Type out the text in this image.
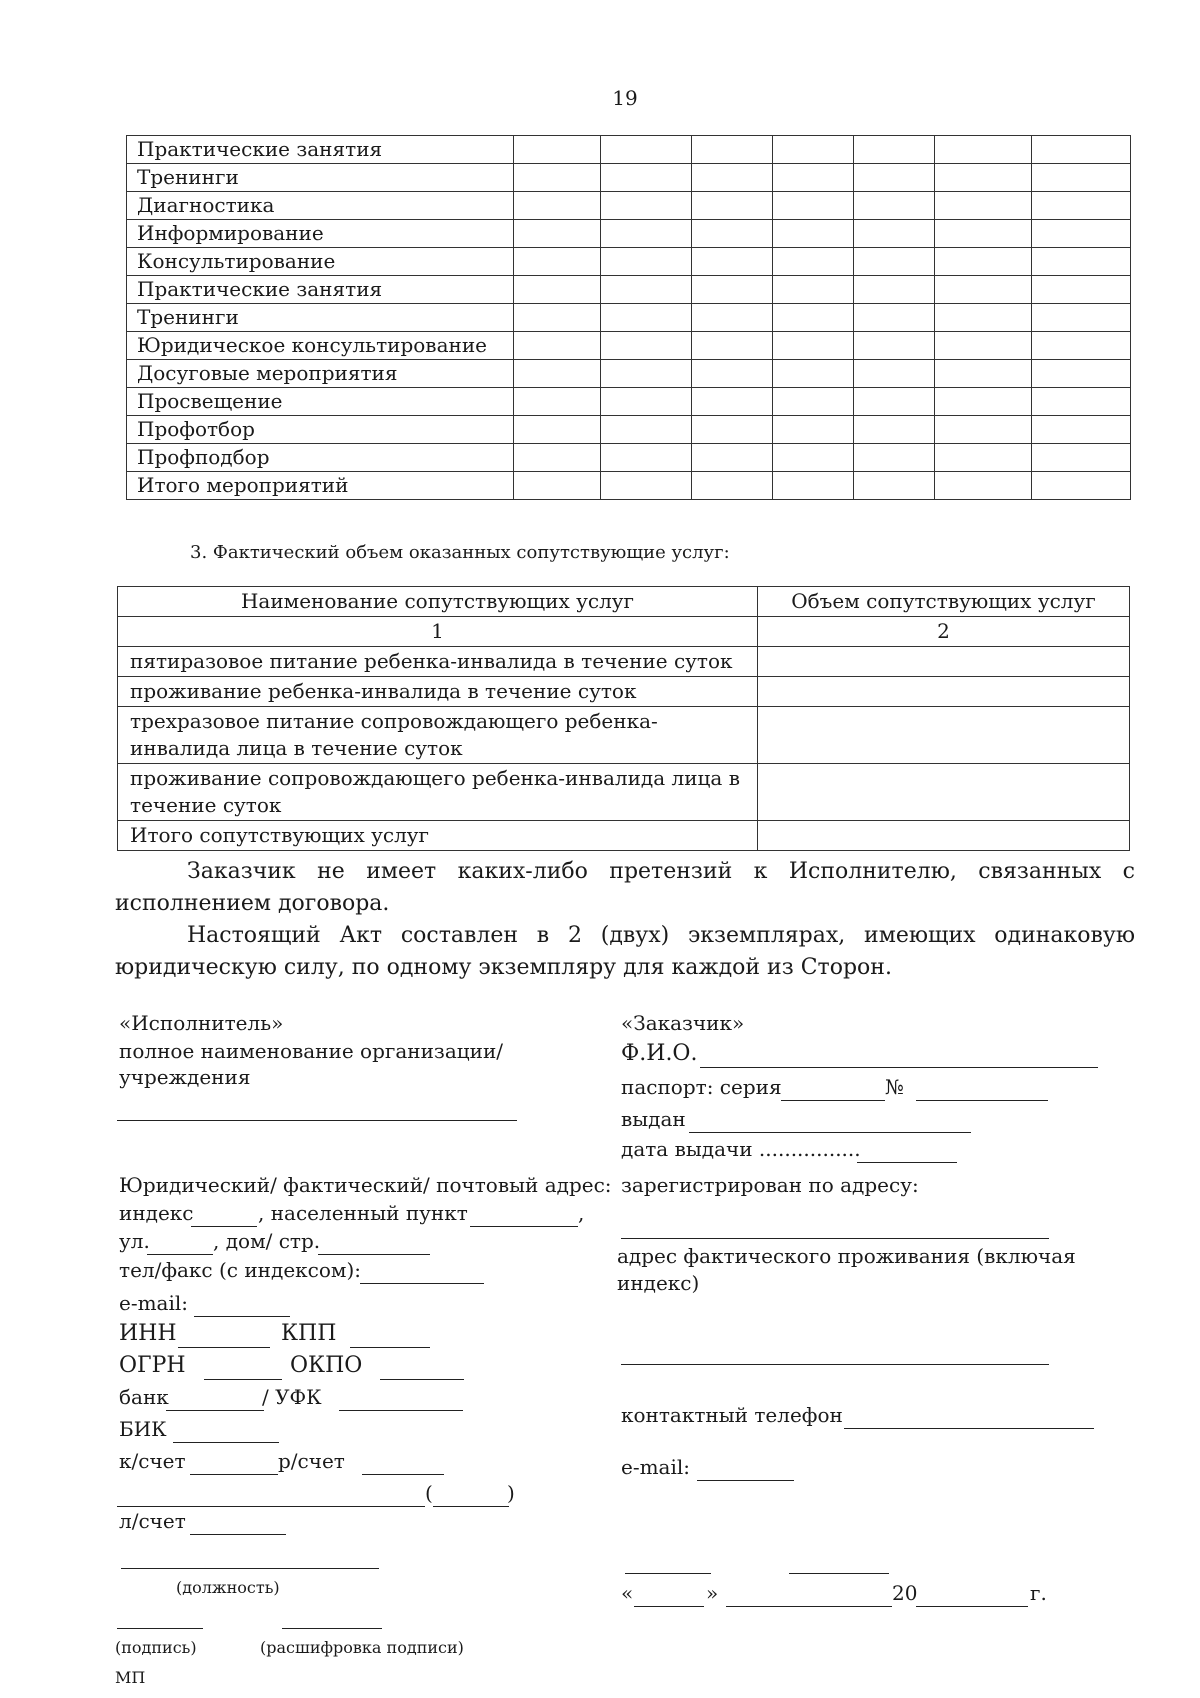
19
Практические занятия							
Тренинги							
Диагностика							
Информирование							
Консультирование							
Практические занятия							
Тренинги							
Юридическое консультирование							
Досуговые мероприятия							
Просвещение							
Профотбор							
Профподбор							
Итого мероприятий							
3. Фактический объем оказанных сопутствующие услуг:
Наименование сопутствующих услуг	Объем сопутствующих услуг
1	2
пятиразовое питание ребенка-инвалида в течение суток	
проживание ребенка-инвалида в течение суток	
трехразовое питание сопровождающего ребенка-инвалида лица в течение суток	
проживание сопровождающего ребенка-инвалида лица в течение суток	
Итого сопутствующих услуг	
Заказчик не имеет каких-либо претензий к Исполнителю, связанных с исполнением договора.
Настоящий Акт составлен в 2 (двух) экземплярах, имеющих одинаковую юридическую силу, по одному экземпляру для каждой из Сторон.
«Исполнитель»
полное наименование организации/
учреждения
Юридический/ фактический/ почтовый адрес:
индекс	, населенный пункт	,
ул.	, дом/ стр.
тел/факс (с индексом):
e-mail:
ИНН	КПП
ОГРН	ОКПО
банк	/ УФК
БИК
к/счет	р/счет
(	)
л/счет
(должность)
(подпись)	(расшифровка подписи)
МП
«Заказчик»
Ф.И.О.
паспорт: серия	№
выдан
дата выдачи ................
зарегистрирован по адресу:
адрес фактического проживания (включая
индекс)
контактный телефон
e-mail:
«	»	20	г.
